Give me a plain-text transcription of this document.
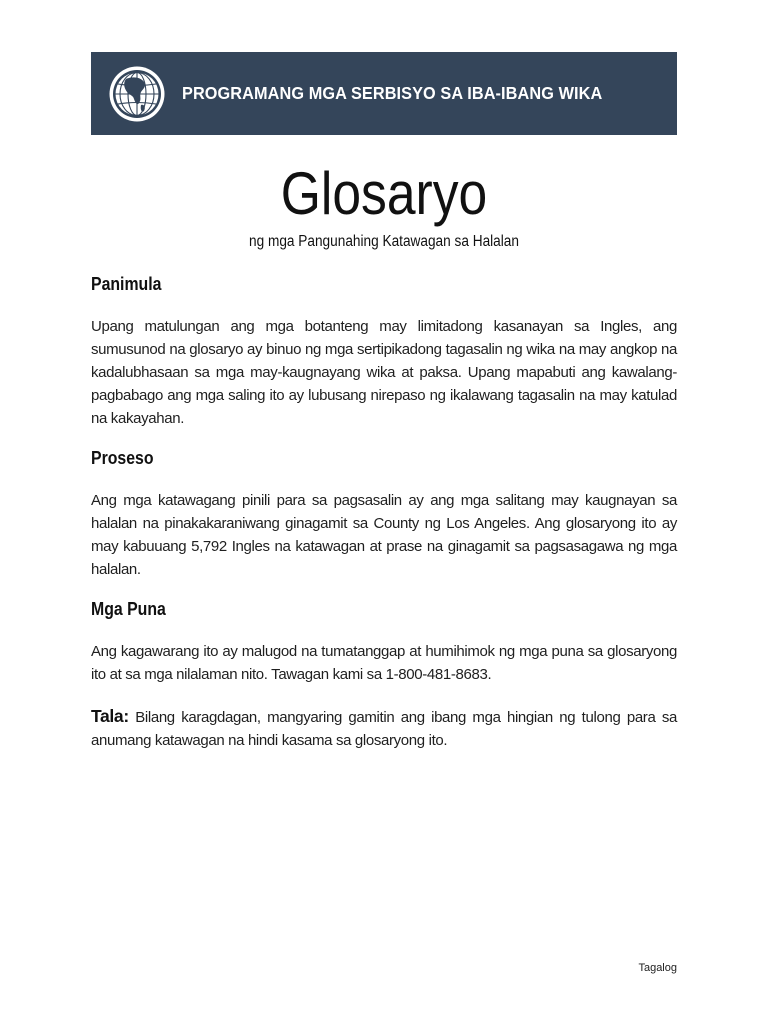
PROGRAMANG MGA SERBISYO SA IBA-IBANG WIKA
Glosaryo
ng mga Pangunahing Katawagan sa Halalan
Panimula

Upang matulungan ang mga botanteng may limitadong kasanayan sa Ingles, ang sumusunod na glosaryo ay binuo ng mga sertipikadong tagasalin ng wika na may angkop na kadalubhasaan sa mga may-kaugnayang wika at paksa. Upang mapabuti ang kawalang-pagbabago ang mga saling ito ay lubusang nirepaso ng ikalawang tagasalin na may katulad na kakayahan.

Proseso

Ang mga katawagang pinili para sa pagsasalin ay ang mga salitang may kaugnayan sa halalan na pinakakaraniwang ginagamit sa County ng Los Angeles. Ang glosaryong ito ay may kabuuang 5,792 Ingles na katawagan at prase na ginagamit sa pagsasagawa ng mga halalan.

Mga Puna

Ang kagawarang ito ay malugod na tumatanggap at humihimok ng mga puna sa glosaryong ito at sa mga nilalaman nito. Tawagan kami sa 1-800-481-8683.

Tala: Bilang karagdagan, mangyaring gamitin ang ibang mga hingian ng tulong para sa anumang katawagan na hindi kasama sa glosaryong ito.

Tagalog
